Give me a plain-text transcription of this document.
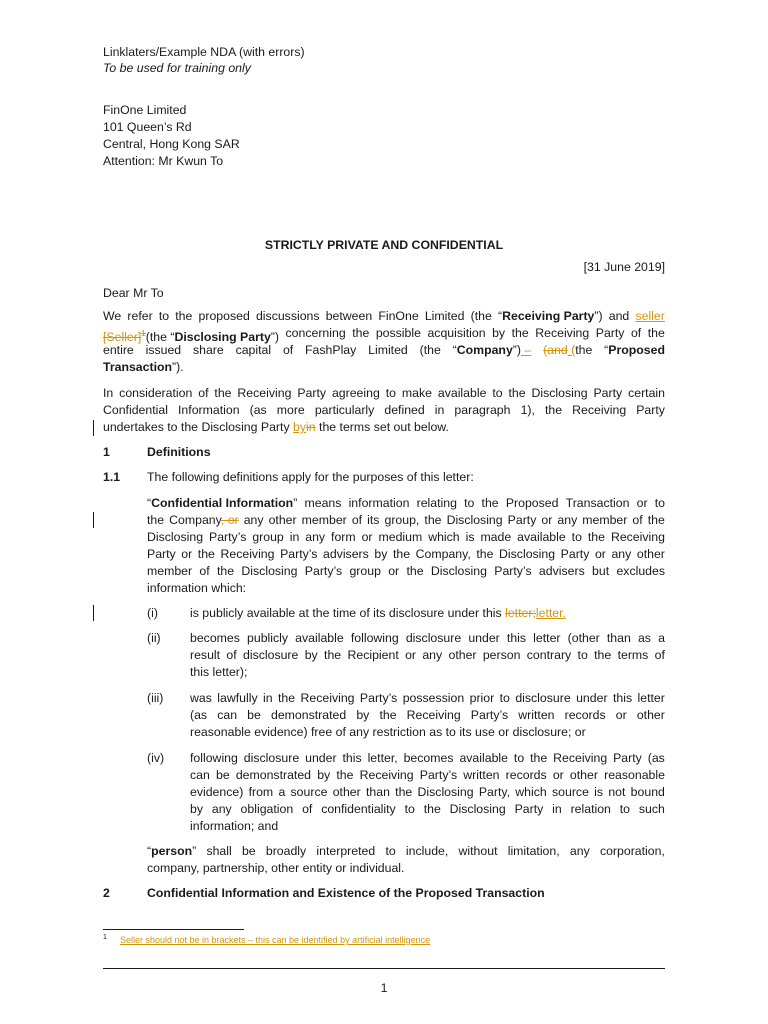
Linklaters/Example NDA (with errors)
To be used for training only
FinOne Limited
101 Queen’s Rd
Central, Hong Kong SAR
Attention: Mr Kwun To
STRICTLY PRIVATE AND CONFIDENTIAL
[31 June 2019]
Dear Mr To
We refer to the proposed discussions between FinOne Limited (the “Receiving Party”) and seller
[Seller]$^1$(the “Disclosing Party”) concerning the possible acquisition by the Receiving Party of the
entire issued share capital of FashPlay Limited (the “Company”) – (and (the “Proposed
Transaction”).
In consideration of the Receiving Party agreeing to make available to the Disclosing Party certain
Confidential Information (as more particularly defined in paragraph 1), the Receiving Party
undertakes to the Disclosing Party byin the terms set out below.
1	Definitions
1.1 The following definitions apply for the purposes of this letter:
“Confidential Information” means information relating to the Proposed Transaction or to
the Company, or any other member of its group, the Disclosing Party or any member of the
Disclosing Party’s group in any form or medium which is made available to the Receiving
Party or the Receiving Party’s advisers by the Company, the Disclosing Party or any other
member of the Disclosing Party’s group or the Disclosing Party’s advisers but excludes
information which:
(i)	is publicly available at the time of its disclosure under this letter;letter.
(ii) becomes publicly available following disclosure under this letter (other than as a
result of disclosure by the Recipient or any other person contrary to the terms of
this letter);
(iii) was lawfully in the Receiving Party’s possession prior to disclosure under this letter
(as can be demonstrated by the Receiving Party’s written records or other
reasonable evidence) free of any restriction as to its use or disclosure; or
(iv) following disclosure under this letter, becomes available to the Receiving Party (as
can be demonstrated by the Receiving Party’s written records or other reasonable
evidence) from a source other than the Disclosing Party, which source is not bound
by any obligation of confidentiality to the Disclosing Party in relation to such
information; and
“person” shall be broadly interpreted to include, without limitation, any corporation,
company, partnership, other entity or individual.
2	Confidential Information and Existence of the Proposed Transaction
$^1$ Seller should not be in brackets – this can be identified by artificial intelligence
1
